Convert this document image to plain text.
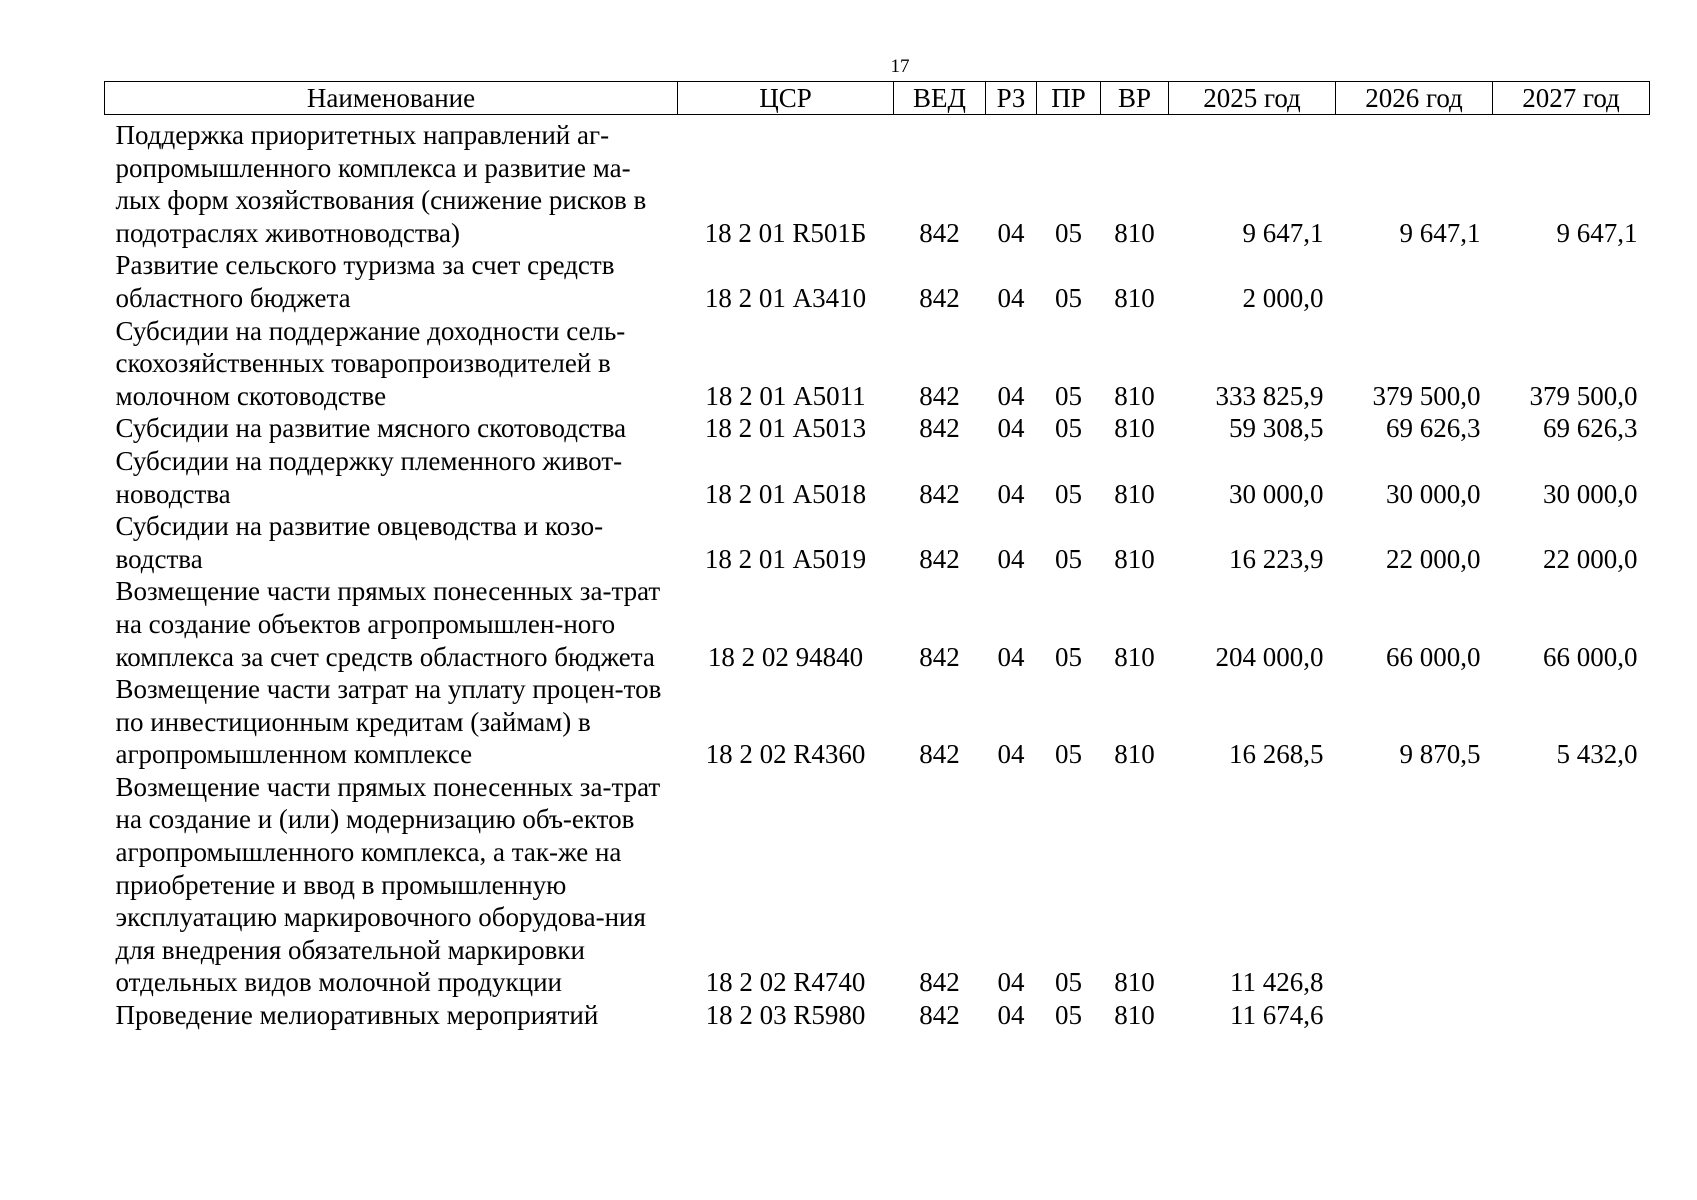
17
Наименование	ЦСР	ВЕД	РЗ	ПР	ВР	2025 год	2026 год	2027 год
Поддержка приоритетных направлений аг-ропромышленного комплекса и развитие ма-лых форм хозяйствования (снижение рисков в подотраслях животноводства)	18 2 01 R501Б	842	04	05	810	9 647,1	9 647,1	9 647,1
Развитие сельского туризма за счет средств областного бюджета	18 2 01 А3410	842	04	05	810	2 000,0		
Субсидии на поддержание доходности сель-скохозяйственных товаропроизводителей в молочном скотоводстве	18 2 01 А5011	842	04	05	810	333 825,9	379 500,0	379 500,0
Субсидии на развитие мясного скотоводства	18 2 01 А5013	842	04	05	810	59 308,5	69 626,3	69 626,3
Субсидии на поддержку племенного живот-новодства	18 2 01 А5018	842	04	05	810	30 000,0	30 000,0	30 000,0
Субсидии на развитие овцеводства и козо-водства	18 2 01 А5019	842	04	05	810	16 223,9	22 000,0	22 000,0
Возмещение части прямых понесенных за-трат на создание объектов агропромышлен-ного комплекса за счет средств областного бюджета	18 2 02 94840	842	04	05	810	204 000,0	66 000,0	66 000,0
Возмещение части затрат на уплату процен-тов по инвестиционным кредитам (займам) в агропромышленном комплексе	18 2 02 R4360	842	04	05	810	16 268,5	9 870,5	5 432,0
Возмещение части прямых понесенных за-трат на создание и (или) модернизацию объ-ектов агропромышленного комплекса, а так-же на приобретение и ввод в промышленную эксплуатацию маркировочного оборудова-ния для внедрения обязательной маркировки отдельных видов молочной продукции	18 2 02 R4740	842	04	05	810	11 426,8		
Проведение мелиоративных мероприятий	18 2 03 R5980	842	04	05	810	11 674,6		
